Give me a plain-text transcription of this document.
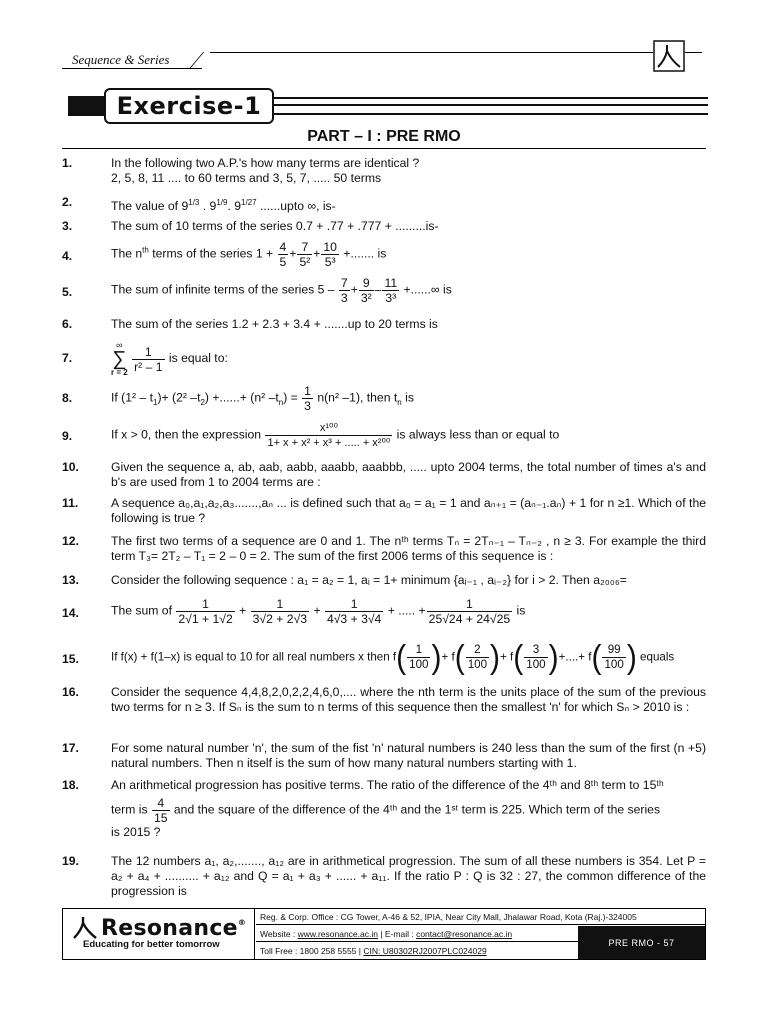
Sequence & Series
Exercise-1
PART – I : PRE RMO
1.	In the following two A.P.'s how many terms are identical ?
2, 5, 8, 11 .... to 60 terms and 3, 5, 7, ..... 50 terms
2.	The value of $9^{1/3}$ . $9^{1/9}$. $9^{1/27}$ ......upto ∞, is-
3.	The sum of 10 terms of the series 0.7 + .77 + .777 + .........is-
4.	The $n^{th}$ terms of the series $1 + \frac{4}{5} + \frac{7}{\text{5²}} + \frac{10}{\text{5³}}$ +....... is
5.	The sum of infinite terms of the series $5 - \frac{7}{3} + \frac{9}{\text{3²}} - \frac{11}{\text{3³}}$ +......∞ is
6.	The sum of the series 1.2 + 2.3 + 3.4 + .......up to 20 terms is
7.
∞
∑
r = 2
$\frac{1}{\text{r² – 1}}$ is equal to:
8.	If $(1^2 - t_1)+ (2^2$ $-t_2$) +......+ (n² $-t_n) = \frac{1}{3} n(n^2$ –1), then $t_n$ is
9.	If x > 0, then the expression $\frac{\text{x¹⁰⁰}}{\text{1+ x + x² + x³ + ..... + x²⁰⁰}}$ is always less than or equal to
10.	Given the sequence a, ab, aab, aabb, aaabb, aaabbb, ..... upto 2004 terms, the total number of times a's and b's are used from 1 to 2004 terms are :
11.	A sequence a₀,a₁,a₂,a₃.......,aₙ ... is defined such that a₀ = a₁ = 1 and aₙ₊₁ = (aₙ₋₁.aₙ) + 1 for n ≥1. Which of the following is true ?
12.	The first two terms of a sequence are 0 and 1. The nᵗʰ terms Tₙ = 2Tₙ₋₁ – Tₙ₋₂ , n ≥ 3. For example the third term T₃= 2T₂ – T₁ = 2 – 0 = 2. The sum of the first 2006 terms of this sequence is :
13.	Consider the following sequence : a₁ = a₂ = 1, aᵢ = 1+ minimum {aᵢ₋₁ , aᵢ₋₂} for i > 2. Then a₂₀₀₆=
14.	The sum of $\frac{1}{2√1 + 1√2} + \frac{1}{3√2 + 2√3} + \frac{1}{4√3 + 3√4}$ + ..... + $\frac{1}{25√24 + 24√25}$ is
15.	If f(x) + f(1–x) is equal to 10 for all real numbers x then $f( \frac{1}{100}$ )+ $f( \frac{2}{100}$ )+ $f( \frac{3}{100}$ )+....+ $f( \frac{99}{100}$ ) equals
16.	Consider the sequence 4,4,8,2,0,2,2,4,6,0,.... where the nth term is the units place of the sum of the previous two terms for n ≥ 3. If Sₙ is the sum to n terms of this sequence then the smallest 'n' for which Sₙ > 2010 is :
17.	For some natural number 'n', the sum of the fist 'n' natural numbers is 240 less than the sum of the first (n +5) natural numbers. Then n itself is the sum of how many natural numbers starting with 1.
18.	An arithmetical progression has positive terms. The ratio of the difference of the 4ᵗʰ and 8ᵗʰ term to 15ᵗʰ
term is $\frac{4}{15}$ and the square of the difference of the 4ᵗʰ and the 1ˢᵗ term is 225. Which term of the series
is 2015 ?
19.	The 12 numbers a₁, a₂,......., a₁₂ are in arithmetical progression. The sum of all these numbers is 354. Let P = a₂ + a₄ + .......... + a₁₂ and Q = a₁ + a₃ + ...... + a₁₁. If the ratio P : Q is 32 : 27, the common difference of the progression is
Resonance®
Educating for better tomorrow
Reg. & Corp. Office : CG Tower, A-46 & 52, IPIA, Near City Mall, Jhalawar Road, Kota (Raj.)-324005
Website : www.resonance.ac.in | E-mail : contact@resonance.ac.in
Toll Free : 1800 258 5555 | CIN: U80302RJ2007PLC024029
PRE RMO - 57
